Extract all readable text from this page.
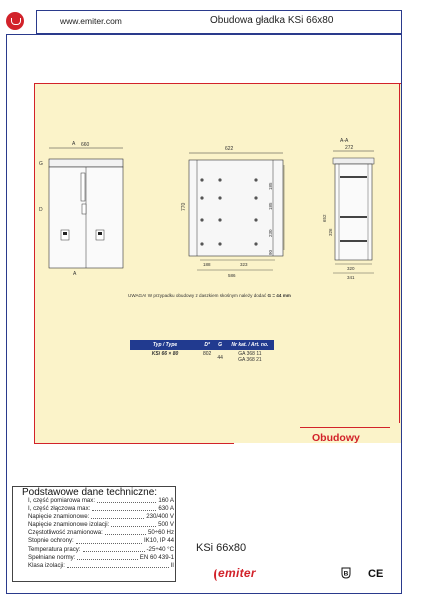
www.emiter.com	Obudowa gładka KSi 66x80
660
A
G
D
A
622
770
185
185
230
90
188	323
586
A-A
272
652
326
320
341
UWAGA! W przypadku obudowy z daszkiem skośnym należy dodać G = 44 mm
Typ / Type	D*	G	Nr kat. / Art. no.
KSi 66 × 80	802	44	GA 368 11
GA 368 21
Obudowy
Podstawowe dane techniczne:
I, część pomiarowa max:	160 A
I, część złączowa max:	630 A
Napięcie znamionowe:	230/400 V
Napięcie znamionowe izolacji:	500 V
Częstotliwość znamionowa:	50÷60 Hz
Stopnie ochrony:	IK10, IP 44
Temperatura pracy:	-25÷40 °C
Spełniane normy:	EN 60 439-1
Klasa izolacji:	II
KSi 66x80
emiter	B CE
